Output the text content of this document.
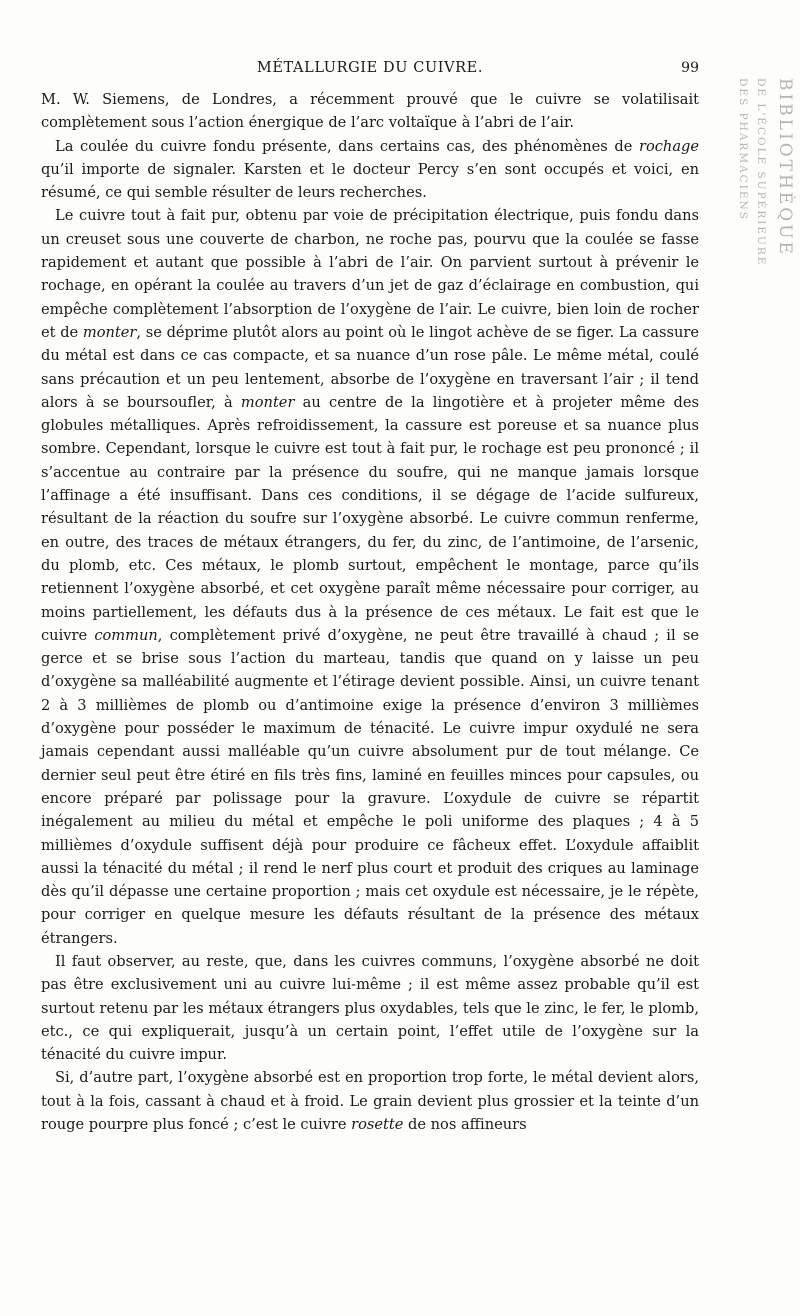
MÉTALLURGIE DU CUIVRE.	99

M. W. Siemens, de Londres, a récemment prouvé que le cuivre se volatilisait complètement sous l’action énergique de l’arc voltaïque à l’abri de l’air.

La coulée du cuivre fondu présente, dans certains cas, des phénomènes de rochage qu’il importe de signaler. Karsten et le docteur Percy s’en sont occupés et voici, en résumé, ce qui semble résulter de leurs recherches.

Le cuivre tout à fait pur, obtenu par voie de précipitation électrique, puis fondu dans un creuset sous une couverte de charbon, ne roche pas, pourvu que la coulée se fasse rapidement et autant que possible à l’abri de l’air. On parvient surtout à prévenir le rochage, en opérant la coulée au travers d’un jet de gaz d’éclairage en combustion, qui empêche complètement l’absorption de l’oxygène de l’air. Le cuivre, bien loin de rocher et de monter, se déprime plutôt alors au point où le lingot achève de se figer. La cassure du métal est dans ce cas compacte, et sa nuance d’un rose pâle. Le même métal, coulé sans précaution et un peu lentement, absorbe de l’oxygène en traversant l’air ; il tend alors à se boursoufler, à monter au centre de la lingotière et à projeter même des globules métalliques. Après refroidissement, la cassure est poreuse et sa nuance plus sombre. Cependant, lorsque le cuivre est tout à fait pur, le rochage est peu prononcé ; il s’accentue au contraire par la présence du soufre, qui ne manque jamais lorsque l’affinage a été insuffisant. Dans ces conditions, il se dégage de l’acide sulfureux, résultant de la réaction du soufre sur l’oxygène absorbé. Le cuivre commun renferme, en outre, des traces de métaux étrangers, du fer, du zinc, de l’antimoine, de l’arsenic, du plomb, etc. Ces métaux, le plomb surtout, empêchent le montage, parce qu’ils retiennent l’oxygène absorbé, et cet oxygène paraît même nécessaire pour corriger, au moins partiellement, les défauts dus à la présence de ces métaux. Le fait est que le cuivre commun, complètement privé d’oxygène, ne peut être travaillé à chaud ; il se gerce et se brise sous l’action du marteau, tandis que quand on y laisse un peu d’oxygène sa malléabilité augmente et l’étirage devient possible. Ainsi, un cuivre tenant 2 à 3 millièmes de plomb ou d’antimoine exige la présence d’environ 3 millièmes d’oxygène pour posséder le maximum de ténacité. Le cuivre impur oxydulé ne sera jamais cependant aussi malléable qu’un cuivre absolument pur de tout mélange. Ce dernier seul peut être étiré en fils très fins, laminé en feuilles minces pour capsules, ou encore préparé par polissage pour la gravure. L’oxydule de cuivre se répartit inégalement au milieu du métal et empêche le poli uniforme des plaques ; 4 à 5 millièmes d’oxydule suffisent déjà pour produire ce fâcheux effet. L’oxydule affaiblit aussi la ténacité du métal ; il rend le nerf plus court et produit des criques au laminage dès qu’il dépasse une certaine proportion ; mais cet oxydule est nécessaire, je le répète, pour corriger en quelque mesure les défauts résultant de la présence des métaux étrangers.

Il faut observer, au reste, que, dans les cuivres communs, l’oxygène absorbé ne doit pas être exclusivement uni au cuivre lui-même ; il est même assez probable qu’il est surtout retenu par les métaux étrangers plus oxydables, tels que le zinc, le fer, le plomb, etc., ce qui expliquerait, jusqu’à un certain point, l’effet utile de l’oxygène sur la ténacité du cuivre impur.

Si, d’autre part, l’oxygène absorbé est en proportion trop forte, le métal devient alors, tout à la fois, cassant à chaud et à froid. Le grain devient plus grossier et la teinte d’un rouge pourpre plus foncé ; c’est le cuivre rosette de nos affineurs

BIBLIOTHÈQUE
DE L'ÉCOLE SUPÉRIEURE
DES PHARMACIENS
